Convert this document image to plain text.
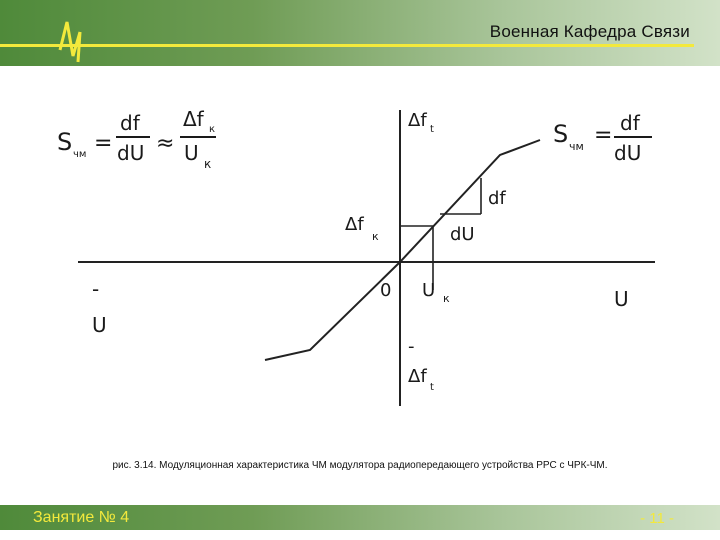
Военная Кафедра Связи
S чм =
df
dU ≈
Δf к
U к
S чм = df
dU
Δf t
-
Δf
t
Δf
к
df
dU
0 U к	U
-
U
рис. 3.14. Модуляционная характеристика ЧМ модулятора радиопередающего устройства РРС с ЧРК-ЧМ.
Занятие № 4	- 11 -
